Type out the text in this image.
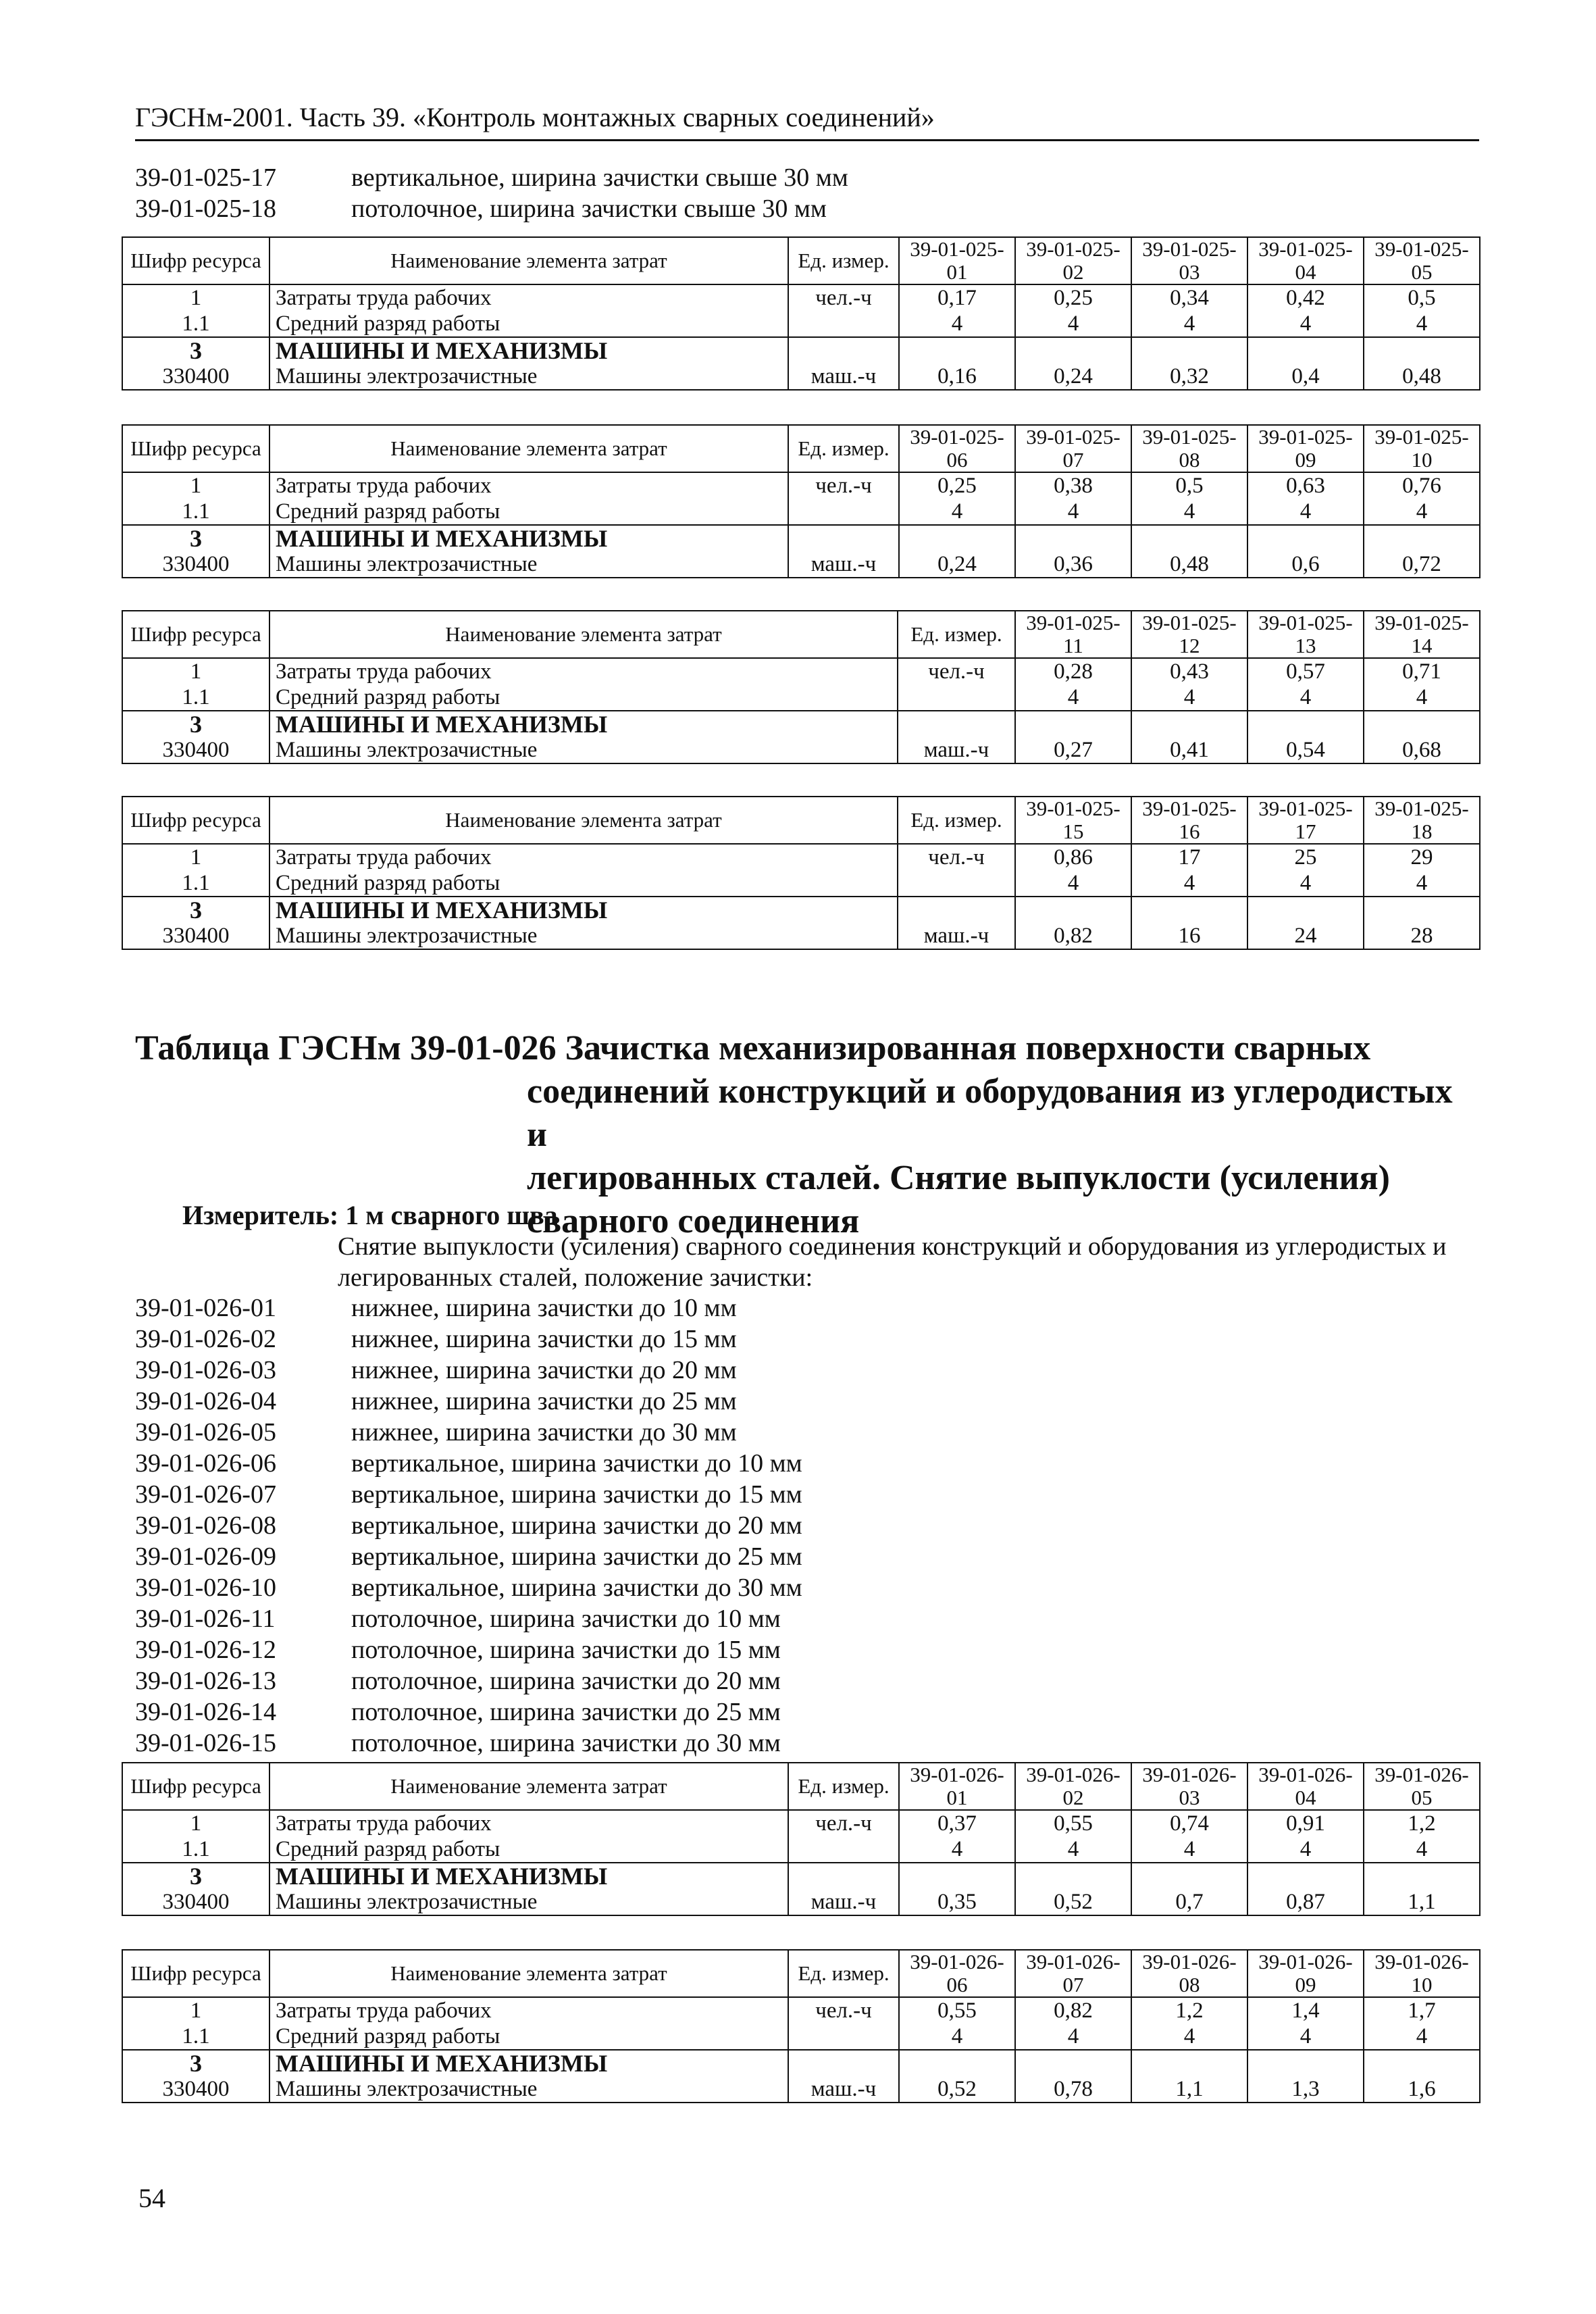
ГЭСНм-2001. Часть 39. «Контроль монтажных сварных соединений»
39-01-025-17	вертикальное, ширина зачистки свыше 30 мм
39-01-025-18	потолочное, ширина зачистки свыше 30 мм
Шифр ресурса	Наименование элемента затрат	Ед. измер.	39-01-025-01	39-01-025-02	39-01-025-03	39-01-025-04	39-01-025-05
1	Затраты труда рабочих	чел.-ч	0,17	0,25	0,34	0,42	0,5
1.1	Средний разряд работы		4	4	4	4	4
3	МАШИНЫ И МЕХАНИЗМЫ						
330400	Машины электрозачистные	маш.-ч	0,16	0,24	0,32	0,4	0,48
Шифр ресурса	Наименование элемента затрат	Ед. измер.	39-01-025-06	39-01-025-07	39-01-025-08	39-01-025-09	39-01-025-10
1	Затраты труда рабочих	чел.-ч	0,25	0,38	0,5	0,63	0,76
1.1	Средний разряд работы		4	4	4	4	4
3	МАШИНЫ И МЕХАНИЗМЫ						
330400	Машины электрозачистные	маш.-ч	0,24	0,36	0,48	0,6	0,72
Шифр ресурса	Наименование элемента затрат	Ед. измер.	39-01-025-11	39-01-025-12	39-01-025-13	39-01-025-14
1	Затраты труда рабочих	чел.-ч	0,28	0,43	0,57	0,71
1.1	Средний разряд работы		4	4	4	4
3	МАШИНЫ И МЕХАНИЗМЫ					
330400	Машины электрозачистные	маш.-ч	0,27	0,41	0,54	0,68
Шифр ресурса	Наименование элемента затрат	Ед. измер.	39-01-025-15	39-01-025-16	39-01-025-17	39-01-025-18
1	Затраты труда рабочих	чел.-ч	0,86	17	25	29
1.1	Средний разряд работы		4	4	4	4
3	МАШИНЫ И МЕХАНИЗМЫ					
330400	Машины электрозачистные	маш.-ч	0,82	16	24	28
Таблица ГЭСНм 39-01-026 Зачистка механизированная поверхности сварных
соединений конструкций и оборудования из углеродистых и
легированных сталей. Снятие выпуклости (усиления)
сварного соединения
Измеритель: 1 м сварного шва
Снятие выпуклости (усиления) сварного соединения конструкций и оборудования из углеродистых и легированных сталей, положение зачистки:
39-01-026-01	нижнее, ширина зачистки до 10 мм
39-01-026-02	нижнее, ширина зачистки до 15 мм
39-01-026-03	нижнее, ширина зачистки до 20 мм
39-01-026-04	нижнее, ширина зачистки до 25 мм
39-01-026-05	нижнее, ширина зачистки до 30 мм
39-01-026-06	вертикальное, ширина зачистки до 10 мм
39-01-026-07	вертикальное, ширина зачистки до 15 мм
39-01-026-08	вертикальное, ширина зачистки до 20 мм
39-01-026-09	вертикальное, ширина зачистки до 25 мм
39-01-026-10	вертикальное, ширина зачистки до 30 мм
39-01-026-11	потолочное, ширина зачистки до 10 мм
39-01-026-12	потолочное, ширина зачистки до 15 мм
39-01-026-13	потолочное, ширина зачистки до 20 мм
39-01-026-14	потолочное, ширина зачистки до 25 мм
39-01-026-15	потолочное, ширина зачистки до 30 мм
Шифр ресурса	Наименование элемента затрат	Ед. измер.	39-01-026-01	39-01-026-02	39-01-026-03	39-01-026-04	39-01-026-05
1	Затраты труда рабочих	чел.-ч	0,37	0,55	0,74	0,91	1,2
1.1	Средний разряд работы		4	4	4	4	4
3	МАШИНЫ И МЕХАНИЗМЫ						
330400	Машины электрозачистные	маш.-ч	0,35	0,52	0,7	0,87	1,1
Шифр ресурса	Наименование элемента затрат	Ед. измер.	39-01-026-06	39-01-026-07	39-01-026-08	39-01-026-09	39-01-026-10
1	Затраты труда рабочих	чел.-ч	0,55	0,82	1,2	1,4	1,7
1.1	Средний разряд работы		4	4	4	4	4
3	МАШИНЫ И МЕХАНИЗМЫ						
330400	Машины электрозачистные	маш.-ч	0,52	0,78	1,1	1,3	1,6
54
